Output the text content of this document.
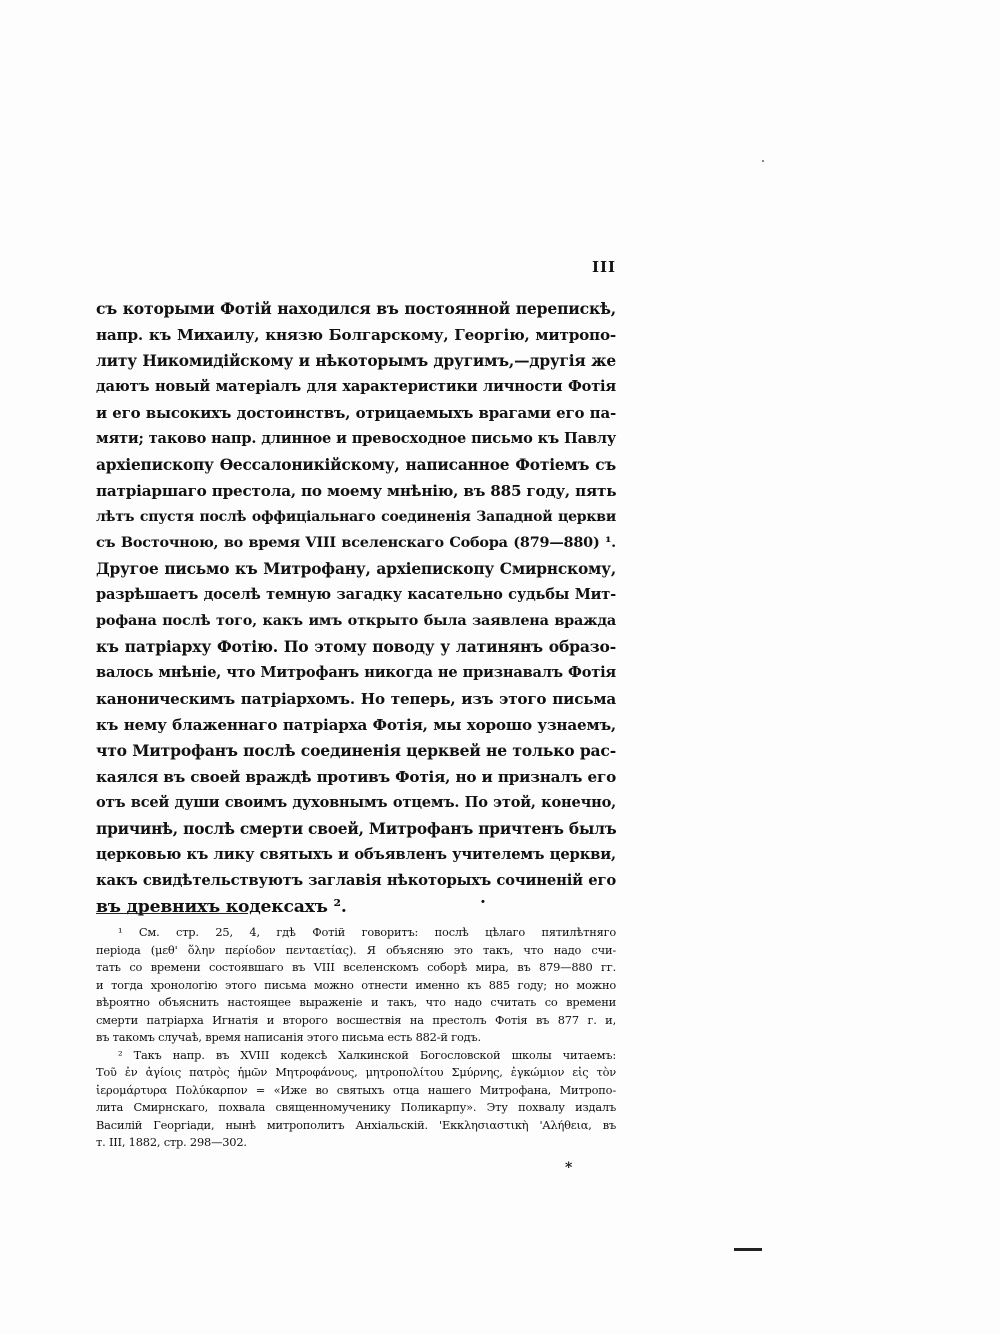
III
съ которыми Фотій находился въ постоянной перепискѣ,
напр. къ Михаилу, князю Болгарскому, Георгію, митропо-
литу Никомидійскому и нѣкоторымъ другимъ,—другія же
даютъ новый матеріалъ для характеристики личности Фотія
и его высокихъ достоинствъ, отрицаемыхъ врагами его па-
мяти; таково напр. длинное и превосходное письмо къ Павлу
архіепископу Ѳессалоникійскому, написанное Фотіемъ съ
патріаршаго престола, по моему мнѣнію, въ 885 году, пять
лѣтъ спустя послѣ оффиціальнаго соединенія Западной церкви
съ Восточною, во время VIII вселенскаго Собора (879—880) ¹.
Другое письмо къ Митрофану, архіепископу Смирнскому,
разрѣшаетъ доселѣ темную загадку касательно судьбы Мит-
рофана послѣ того, какъ имъ открыто была заявлена вражда
къ патріарху Фотію. По этому поводу у латинянъ образо-
валось мнѣніе, что Митрофанъ никогда не признавалъ Фотія
каноническимъ патріархомъ. Но теперь, изъ этого письма
къ нему блаженнаго патріарха Фотія, мы хорошо узнаемъ,
что Митрофанъ послѣ соединенія церквей не только рас-
каялся въ своей враждѣ противъ Фотія, но и призналъ его
отъ всей души своимъ духовнымъ отцемъ. По этой, конечно,
причинѣ, послѣ смерти своей, Митрофанъ причтенъ былъ
церковью къ лику святыхъ и объявленъ учителемъ церкви,
какъ свидѣтельствуютъ заглавія нѣкоторыхъ сочиненій его
въ древнихъ кодексахъ ².	.
¹ См. стр. 25, 4, гдѣ Фотій говоритъ: послѣ цѣлаго пятилѣтняго
періода (μεθ' ὅλην περίοδον πενταετίας). Я объясняю это такъ, что надо счи-
тать со времени состоявшаго въ VIII вселенскомъ соборѣ мира, въ 879—880 гг.
и тогда хронологію этого письма можно отнести именно къ 885 году; но можно
вѣроятно объяснить настоящее выраженіе и такъ, что надо считать со времени
смерти патріарха Игнатія и второго восшествія на престолъ Фотія въ 877 г. и,
въ такомъ случаѣ, время написанія этого письма есть 882-й годъ.
² Такъ напр. въ XVIII кодексѣ Халкинской Богословской школы читаемъ:
Τοῦ ἐν ἁγίοις πατρὸς ἡμῶν Μητροφάνους, μητροπολίτου Σμύρνης, ἐγκώμιον εἰς τὸν
ἱερομάρτυρα Πολύκαρπον = «Иже во святыхъ отца нашего Митрофана, Митропо-
лита Смирнскаго, похвала священномученику Поликарпу». Эту похвалу издалъ
Василій Георгіади, нынѣ митрополитъ Анхіальскій. 'Εκκλησιαστικὴ 'Αλήθεια, въ
т. III, 1882, стр. 298—302.
*
